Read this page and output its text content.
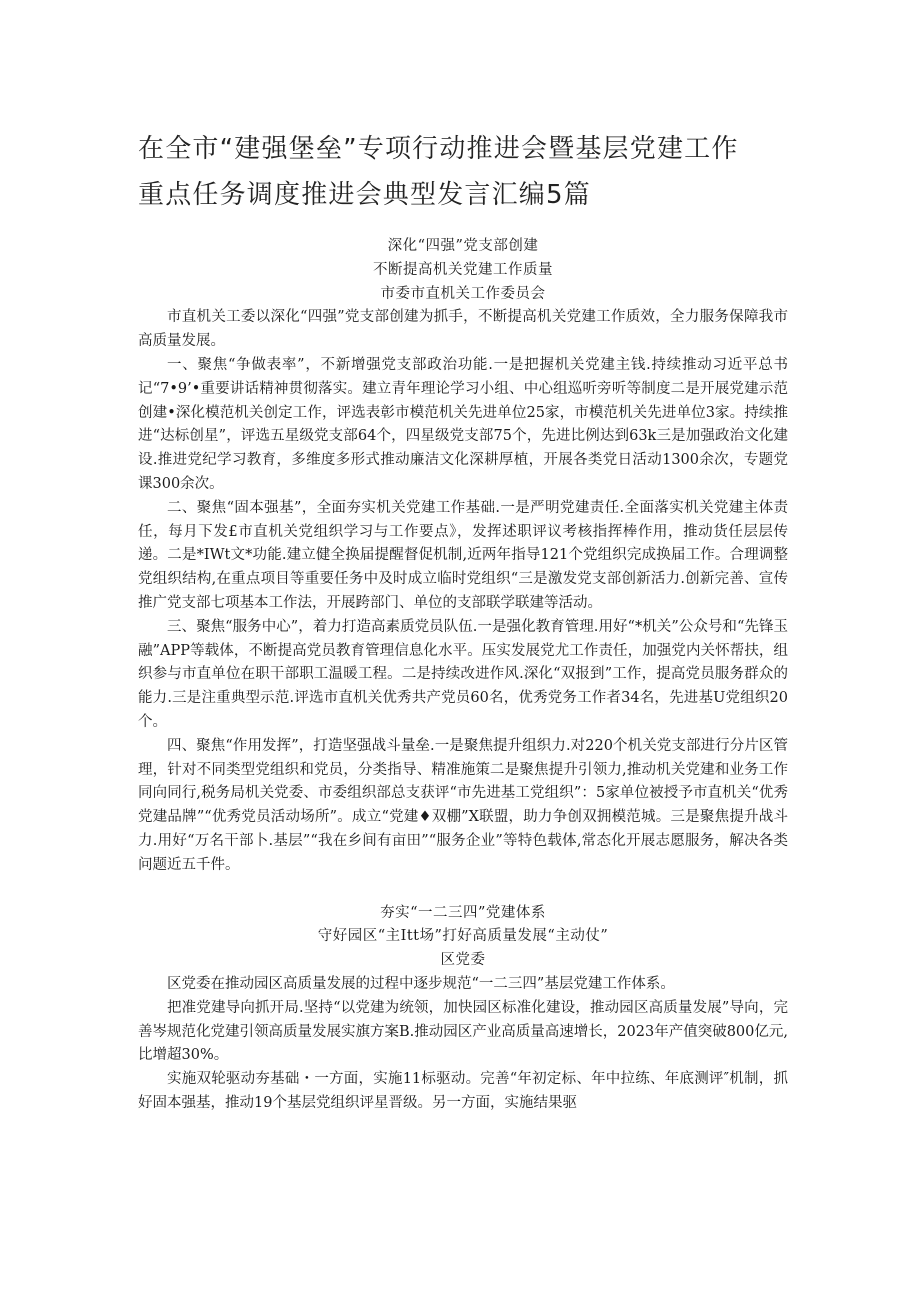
在全市“建强堡垒”专项行动推进会暨基层党建工作
重点任务调度推进会典型发言汇编5篇

深化“四强”党支部创建

不断提高机关党建工作质量

市委市直机关工作委员会

市直机关工委以深化“四强”党支部创建为抓手，不断提高机关党建工作质效，全力服务保障我市高质量发展。

一、聚焦“争做表率”，不新增强党支部政治功能.一是把握机关党建主钱.持续推动习近平总书记“7•9’•重要讲话精神贯彻落实。建立青年理论学习小组、中心组巡听旁听等制度二是开展党建示范创建•深化模范机关创定工作，评选表彰市模范机关先进单位25家，市模范机关先进单位3家。持续推进“达标创星”，评选五星级党支部64个，四星级党支部75个，先进比例达到63k三是加强政治文化建设.推进党纪学习教育，多维度多形式推动廉洁文化深耕厚植，开展各类党日活动1300余次，专题党课300余次。

二、聚焦“固本强基”，全面夯实机关党建工作基础.一是严明党建责任.全面落实机关党建主体责任，每月下发£市直机关党组织学习与工作要点》，发挥述职评议考核指挥棒作用，推动货任层层传递。二是*IWt文*功能.建立健全换届提醒督促机制,近两年指导121个党组织完成换届工作。合理调整党组织结构,在重点项目等重要任务中及时成立临时党组织“三是激发党支部创新活力.创新完善、宣传推广党支部七项基本工作法，开展跨部门、单位的支部联学联建等活动。

三、聚焦“服务中心”，着力打造高素质党员队伍.一是强化教育管理.用好“*机关”公众号和“先锋玉融”APP等载体，不断提高党员教育管理信息化水平。压实发展党尤工作责任，加强党内关怀帮扶，组织参与市直单位在职干部职工温暖工程。二是持续改进作风.深化“双报到”工作，提高党员服务群众的能力.三是注重典型示范.评选市直机关优秀共产党员60名，优秀党务工作者34名，先进基U党组织20个。

四、聚焦“作用发挥”，打造坚强战斗量垒.一是聚焦提升组织力.对220个机关党支部进行分片区管理，针对不同类型党组织和党员，分类指导、精准施策二是聚焦提升引领力,推动机关党建和业务工作同向同行,税务局机关党委、市委组织部总支获评“市先进基工党组织”：5家单位被授予市直机关“优秀党建品牌”“优秀党员活动场所”。成立“党建♦双棚”X联盟，助力争创双拥模范城。三是聚焦提升战斗力.用好“万名干部卜.基层”“我在乡间有亩田”“服务企业”等特色载体,常态化开展志愿服务，解决各类问题近五千件。

夯实“一二三四”党建体系

守好园区“主Itt场”打好高质量发展“主动仗”

区党委

区党委在推动园区高质量发展的过程中逐步规范“一二三四”基层党建工作体系。

把准党建导向抓开局.坚持“以党建为统领，加快园区标准化建设，推动园区高质量发展”导向，完善岑规范化党建引领高质量发展实旗方案B.推动园区产业高质量高速增长，2023年产值突破800亿元,比增超30%。

实施双轮驱动夯基础・一方面，实施11标驱动。完善“年初定标、年中拉练、年底测评″机制，抓好固本强基，推动19个基层党组织评星晋级。另一方面，实施结果驱
